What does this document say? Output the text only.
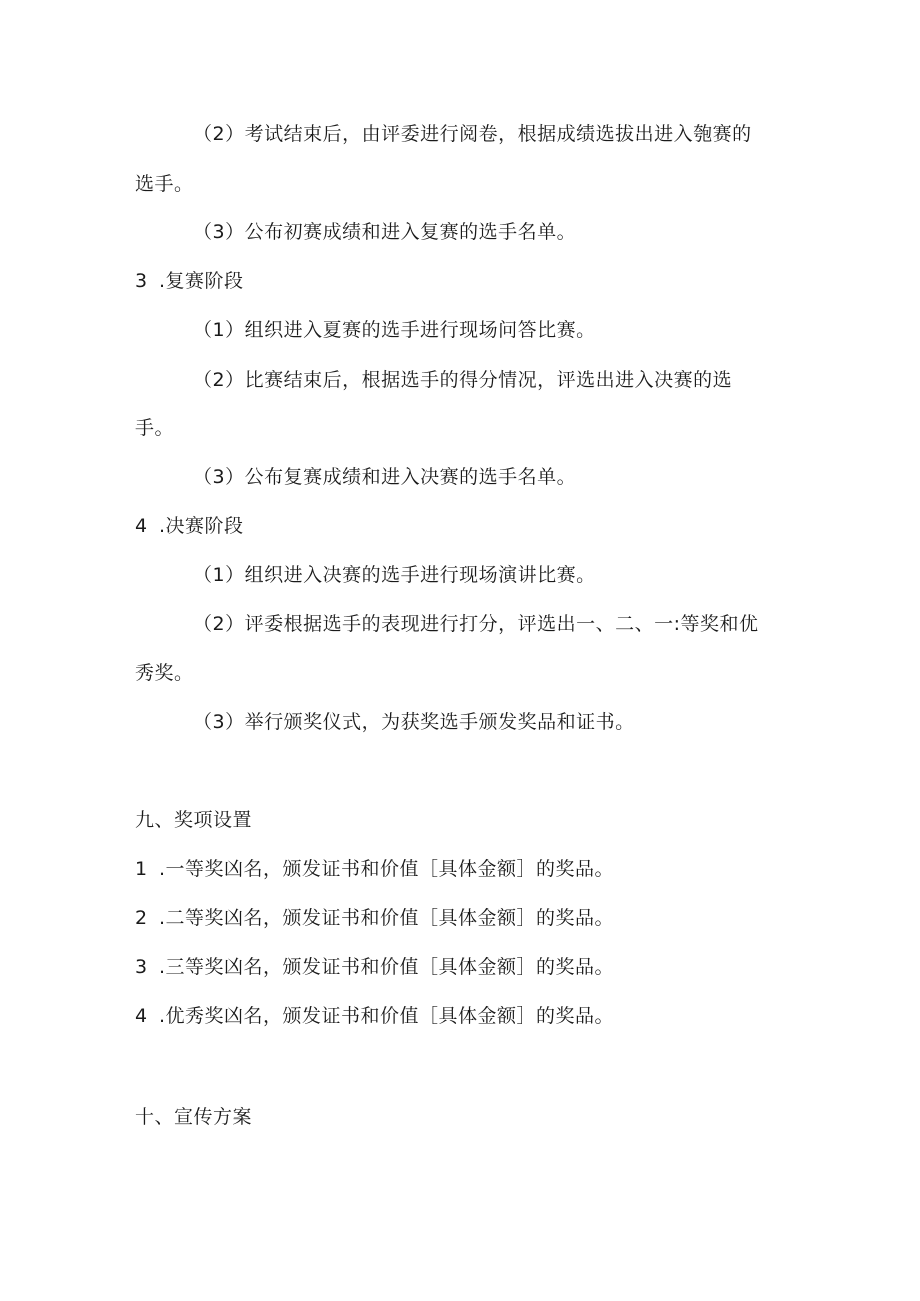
（2）考试结束后，由评委进行阅卷，根据成绩选拔出进入匏赛的
选手。
（3）公布初赛成绩和进入复赛的选手名单。
3 .复赛阶段
（1）组织进入夏赛的选手进行现场问答比赛。
（2）比赛结束后，根据选手的得分情况，评选出进入决赛的选
手。
（3）公布复赛成绩和进入决赛的选手名单。
4 .决赛阶段
（1）组织进入决赛的选手进行现场演讲比赛。
（2）评委根据选手的表现进行打分，评选出一、二、一:等奖和优
秀奖。
（3）举行颁奖仪式，为获奖选手颁发奖品和证书。
九、奖项设置
1 .一等奖凶名，颁发证书和价值［具体金额］的奖品。
2 .二等奖凶名，颁发证书和价值［具体金额］的奖品。
3 .三等奖凶名，颁发证书和价值［具体金额］的奖品。
4 .优秀奖凶名，颁发证书和价值［具体金额］的奖品。
十、宣传方案
